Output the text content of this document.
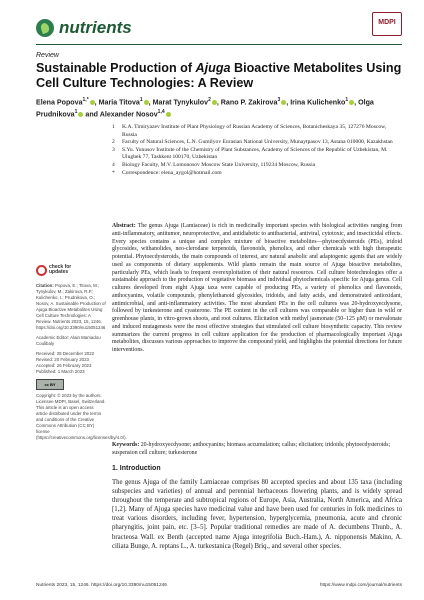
nutrients	MDPI
Review
Sustainable Production of Ajuga Bioactive Metabolites Using Cell Culture Technologies: A Review
Elena Popova$^{1,*}$ , Maria Titova$^1$ , Marat Tynykulov$^2$ , Rano P. Zakirova$^3$ , Irina Kulichenko$^1$ , Olga Prudnikova$^1$ and Alexander Nosov$^{1,4}$
1	K.A. Timiryazev Institute of Plant Physiology of Russian Academy of Sciences, Botanicheskaya 35, 127276 Moscow, Russia
2	Faculty of Natural Sciences, L.N. Gumilyov Eurasian National University, Munaytpasov 13, Astana 010000, Kazakhstan
3	S.Yu. Yunusov Institute of the Chemistry of Plant Substances, Academy of Sciences of the Republic of Uzbekistan, M. Ulugbek 77, Tashkent 100170, Uzbekistan
4	Biology Faculty, M.V. Lomonosov Moscow State University, 119234 Moscow, Russia
*	Correspondence: elena_aygol@hotmail.com
check for
updates
Citation: Popova, E.; Titova, M.; Tynykulov, M.; Zakirova, R.P.; Kulichenko, I.; Prudnikova, O.; Nosov, A. Sustainable Production of Ajuga Bioactive Metabolites Using Cell Culture Technologies: A Review. Nutrients 2023, 15, 1246. https://doi.org/10.3390/nu15051246
Academic Editor: Alain Mamadou Coulibaly
Received: 25 December 2022
Revised: 20 February 2023
Accepted: 26 February 2023
Published: 1 March 2023
cc BY
Copyright: © 2023 by the authors. Licensee MDPI, Basel, Switzerland. This article is an open access article distributed under the terms and conditions of the Creative Commons Attribution (CC BY) license (https://creativecommons.org/licenses/by/4.0/).
Abstract: The genus Ajuga (Lamiaceae) is rich in medicinally important species with biological activities ranging from anti-inflammatory, antitumor, neuroprotective, and antidiabetic to antibacterial, antiviral, cytotoxic, and insecticidal effects. Every species contains a unique and complex mixture of bioactive metabolites—phytoecdysteroids (PEs), iridoid glycosides, withanolides, neo-clerodane terpenoids, flavonoids, phenolics, and other chemicals with high therapeutic potential. Phytoecdysteroids, the main compounds of interest, are natural anabolic and adaptogenic agents that are widely used as components of dietary supplements. Wild plants remain the main source of Ajuga bioactive metabolites, particularly PEs, which leads to frequent overexploitation of their natural resources. Cell culture biotechnologies offer a sustainable approach to the production of vegetative biomass and individual phytochemicals specific for Ajuga genus. Cell cultures developed from eight Ajuga taxa were capable of producing PEs, a variety of phenolics and flavonoids, anthocyanins, volatile compounds, phenylethanoid glycosides, iridoids, and fatty acids, and demonstrated antioxidant, antimicrobial, and anti-inflammatory activities. The most abundant PEs in the cell cultures was 20-hydroxyecdysone, followed by turkesterone and cyasterone. The PE content in the cell cultures was comparable or higher than in wild or greenhouse plants, in vitro-grown shoots, and root cultures. Elicitation with methyl jasmonate (50–125 μM) or mevalonate and induced mutagenesis were the most effective strategies that stimulated cell culture biosynthetic capacity. This review summarizes the current progress in cell culture application for the production of pharmacologically important Ajuga metabolites, discusses various approaches to improve the compound yield, and highlights the potential directions for future interventions.
Keywords: 20-hydroxyecdysone; anthocyanins; biomass accumulation; callus; elicitation; iridoids; phytoecdysteroids; suspension cell culture; turkesterone
1. Introduction
The genus Ajuga of the family Lamiaceae comprises 80 accepted species and about 135 taxa (including subspecies and varieties) of annual and perennial herbaceous flowering plants, and is widely spread throughout the temperate and subtropical regions of Europe, Asia, Australia, North America, and Africa [1,2]. Many of Ajuga species have medicinal value and have been used for centuries in folk medicines to treat various disorders, including fever, hypertension, hyperglycemia, pneumonia, acute and chronic pharyngitis, joint pain, etc. [3–5]. Popular traditional remedies are made of A. decumbens Thunb., A. bracteosa Wall. ex Benth (accepted name Ajuga integrifolia Buch.-Ham.), A. nipponensis Makino, A. ciliata Bunge, A. reptans L., A. turkestanica (Regel) Briq., and several other species.
Nutrients 2023, 15, 1246. https://doi.org/10.3390/nu15051246	https://www.mdpi.com/journal/nutrients
